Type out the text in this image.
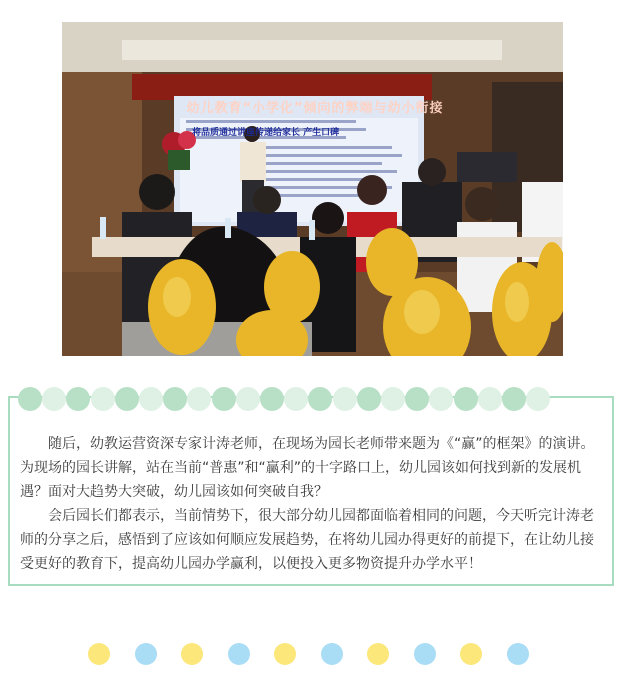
幼儿教育“小学化”倾向的弊端与幼小衔接
将品质通过讲座传递给家长 产生口碑

随后，幼教运营资深专家计涛老师，在现场为园长老师带来题为《“赢”的框架》的演讲。为现场的园长讲解，站在当前“普惠”和“赢利”的十字路口上，幼儿园该如何找到新的发展机遇？面对大趋势大突破，幼儿园该如何突破自我？

会后园长们都表示，当前情势下，很大部分幼儿园都面临着相同的问题，今天听完计涛老师的分享之后，感悟到了应该如何顺应发展趋势，在将幼儿园办得更好的前提下，在让幼儿接受更好的教育下，提高幼儿园办学赢利，以便投入更多物资提升办学水平！
